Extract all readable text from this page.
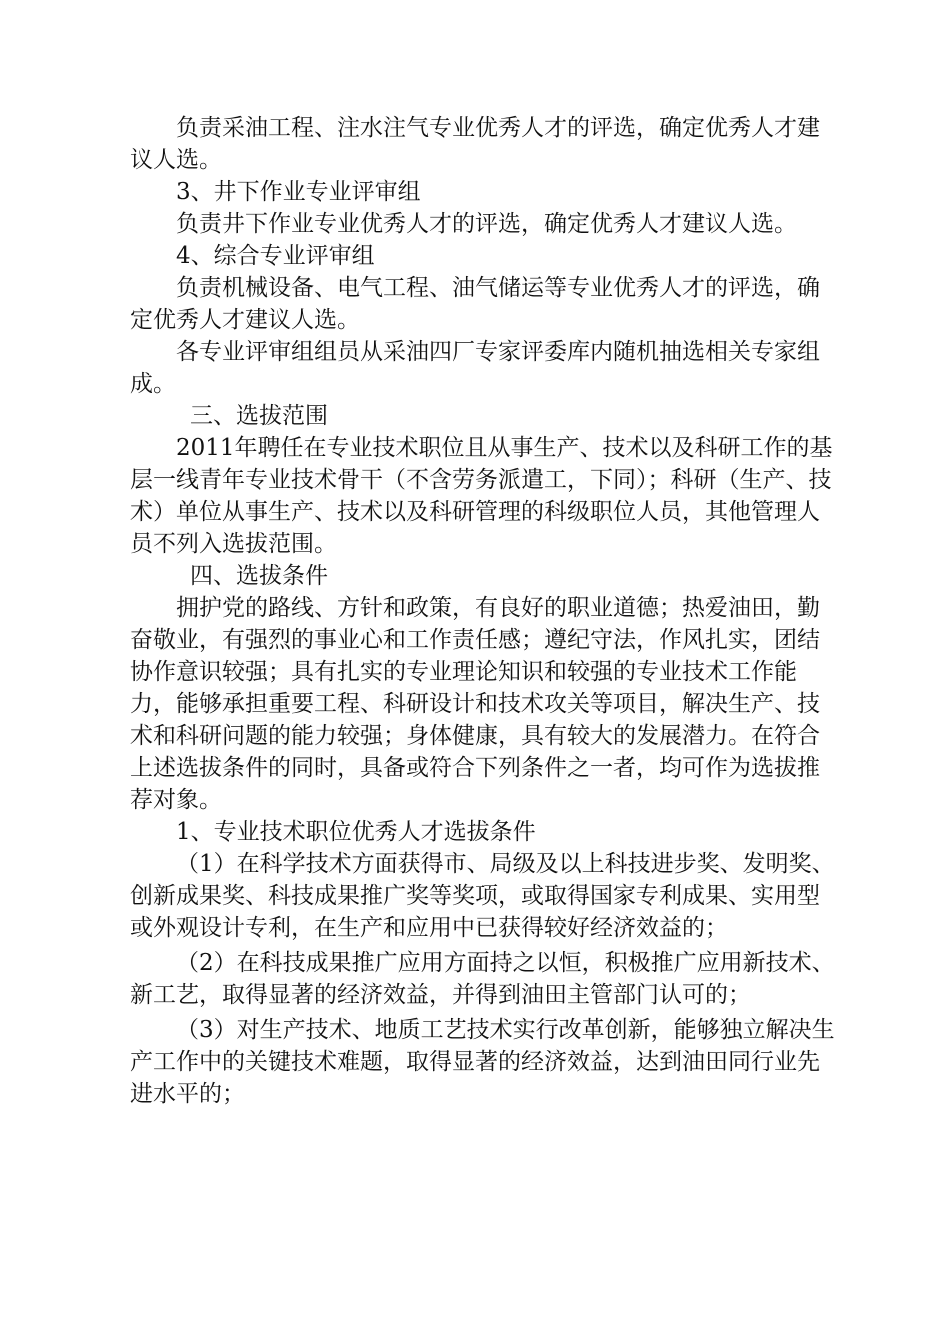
负责采油工程、注水注气专业优秀人才的评选，确定优秀人才建议人选。

3、井下作业专业评审组

负责井下作业专业优秀人才的评选，确定优秀人才建议人选。

4、综合专业评审组

负责机械设备、电气工程、油气储运等专业优秀人才的评选，确定优秀人才建议人选。

各专业评审组组员从采油四厂专家评委库内随机抽选相关专家组成。

三、选拔范围

2011年聘任在专业技术职位且从事生产、技术以及科研工作的基层一线青年专业技术骨干（不含劳务派遣工，下同）；科研（生产、技术）单位从事生产、技术以及科研管理的科级职位人员，其他管理人员不列入选拔范围。

四、选拔条件

拥护党的路线、方针和政策，有良好的职业道德；热爱油田，勤奋敬业，有强烈的事业心和工作责任感；遵纪守法，作风扎实，团结协作意识较强；具有扎实的专业理论知识和较强的专业技术工作能力，能够承担重要工程、科研设计和技术攻关等项目，解决生产、技术和科研问题的能力较强；身体健康，具有较大的发展潜力。在符合上述选拔条件的同时，具备或符合下列条件之一者，均可作为选拔推荐对象。

1、专业技术职位优秀人才选拔条件

（1）在科学技术方面获得市、局级及以上科技进步奖、发明奖、创新成果奖、科技成果推广奖等奖项，或取得国家专利成果、实用型或外观设计专利，在生产和应用中已获得较好经济效益的；

（2）在科技成果推广应用方面持之以恒，积极推广应用新技术、新工艺，取得显著的经济效益，并得到油田主管部门认可的；

（3）对生产技术、地质工艺技术实行改革创新，能够独立解决生产工作中的关键技术难题，取得显著的经济效益，达到油田同行业先进水平的；
